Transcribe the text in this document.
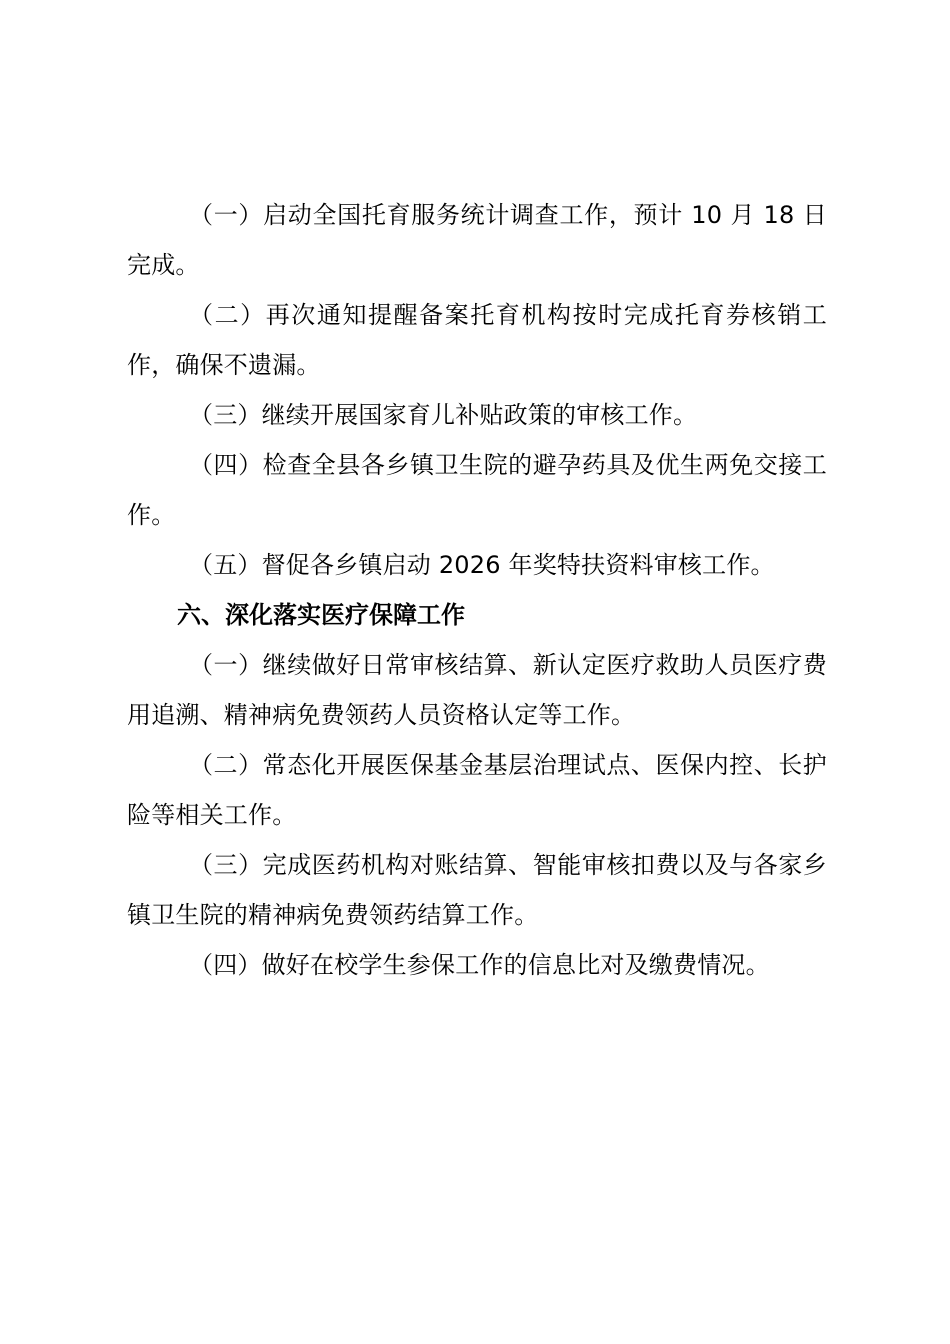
（一）启动全国托育服务统计调查工作，预计 10 月 18 日完成。

（二）再次通知提醒备案托育机构按时完成托育券核销工作，确保不遗漏。

（三）继续开展国家育儿补贴政策的审核工作。

（四）检查全县各乡镇卫生院的避孕药具及优生两免交接工作。

（五）督促各乡镇启动 2026 年奖特扶资料审核工作。

六、深化落实医疗保障工作

（一）继续做好日常审核结算、新认定医疗救助人员医疗费用追溯、精神病免费领药人员资格认定等工作。

（二）常态化开展医保基金基层治理试点、医保内控、长护险等相关工作。

（三）完成医药机构对账结算、智能审核扣费以及与各家乡镇卫生院的精神病免费领药结算工作。

（四）做好在校学生参保工作的信息比对及缴费情况。
